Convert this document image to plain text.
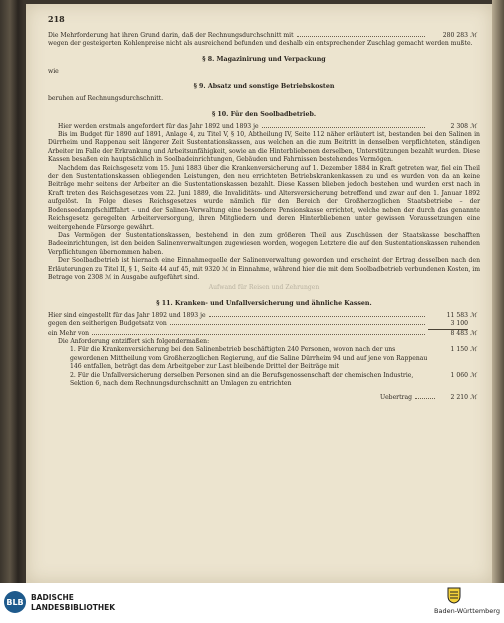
218
Die Mehrforderung hat ihren Grund darin, daß der Rechnungsdurchschnitt mit	280 283 ℳ

wegen der gesteigerten Kohlenpreise nicht als ausreichend befunden und deshalb ein entsprechender Zuschlag gemacht werden mußte.

§ 8. Magazinirung und Verpackung

wie

§ 9. Absatz und sonstige Betriebskosten

beruhen auf Rechnungsdurchschnitt.

§ 10. Für den Soolbadbetrieb.
Hier werden erstmals angefordert für das Jahr 1892 und 1893 je	2 308 ℳ

Bis im Budget für 1890 auf 1891, Anlage 4, zu Titel V, § 10, Abtheilung IV, Seite 112 näher erläutert ist, bestanden bei den Salinen in Dürrheim und Rappenau seit längerer Zeit Sustentationskassen, aus welchen an die zum Beitritt in denselben verpflichteten, ständigen Arbeiter im Falle der Erkrankung und Arbeitsunfähigkeit, sowie an die Hinterbliebenen derselben, Unterstützungen bezahlt wurden. Diese Kassen besaßen ein hauptsächlich in Soolbadeinrichtungen, Gebäuden und Fahrnissen bestehendes Vermögen.

Nachdem das Reichsgesetz vom 15. Juni 1883 über die Krankenversicherung auf 1. Dezember 1884 in Kraft getreten war, fiel ein Theil der den Sustentationskassen obliegenden Leistungen, den neu errichteten Betriebskrankenkassen zu und es wurden von da an keine Beiträge mehr seitens der Arbeiter an die Sustentationskassen bezahlt. Diese Kassen blieben jedoch bestehen und wurden erst nach in Kraft treten des Reichsgesetzes vom 22. Juni 1889, die Invaliditäts- und Altersversicherung betreffend und zwar auf den 1. Januar 1892 aufgelöst. In Folge dieses Reichsgesetzes wurde nämlich für den Bereich der Großherzoglichen Staatsbetriebe – der Bodenseedampfschifffahrt – und der Salinen-Verwaltung eine besondere Pensionskasse errichtet, welche neben der durch das genannte Reichsgesetz geregelten Arbeiterversorgung, ihren Mitgliedern und deren Hinterbliebenen unter gewissen Voraussetzungen eine weitergehende Fürsorge gewährt.

Das Vermögen der Sustentationskassen, bestehend in den zum größeren Theil aus Zuschüssen der Staatskasse beschafften Badeeinrichtungen, ist den beiden Salinenverwaltungen zugewiesen worden, wogegen Letztere die auf den Sustentationskassen ruhenden Verpflichtungen übernommen haben.

Der Soolbadbetrieb ist hiernach eine Einnahmequelle der Salinenverwaltung geworden und erscheint der Ertrag desselben nach den Erläuterungen zu Titel II, § 1, Seite 44 auf 45, mit 9320 ℳ in Einnahme, während hier die mit dem Soolbadbetrieb verbundenen Kosten, im Betrage von 2308 ℳ in Ausgabe aufgeführt sind.

Aufwand für Reisen und Zehrungen

§ 11. Kranken- und Unfallversicherung und ähnliche Kassen.
Hier sind eingestellt für das Jahr 1892 und 1893 je	11 583 ℳ
gegen den seitherigen Budgetsatz von	3 100
ein Mehr von	8 483 ℳ

Die Anforderung entziffert sich folgendermaßen:

1. Für die Krankenversicherung bei den Salinenbetrieb beschäftigten 240 Personen, wovon nach der uns gewordenen Mittheilung vom Großherzoglichen Regierung, auf die Saline Dürrheim 94 und auf jene von Rappenau 146 entfallen, beträgt das dem Arbeitgeber zur Last bleibende Drittel der Beiträge mit
1 150 ℳ
2. Für die Unfallversicherung derselben Personen sind an die Berufsgenossenschaft der chemischen Industrie, Sektion 6, nach dem Rechnungsdurchschnitt an Umlagen zu entrichten
1 060 ℳ
Uebertrag	2 210 ℳ
BLB BADISCHE
LANDESBIBLIOTHEK	Baden-Württemberg
